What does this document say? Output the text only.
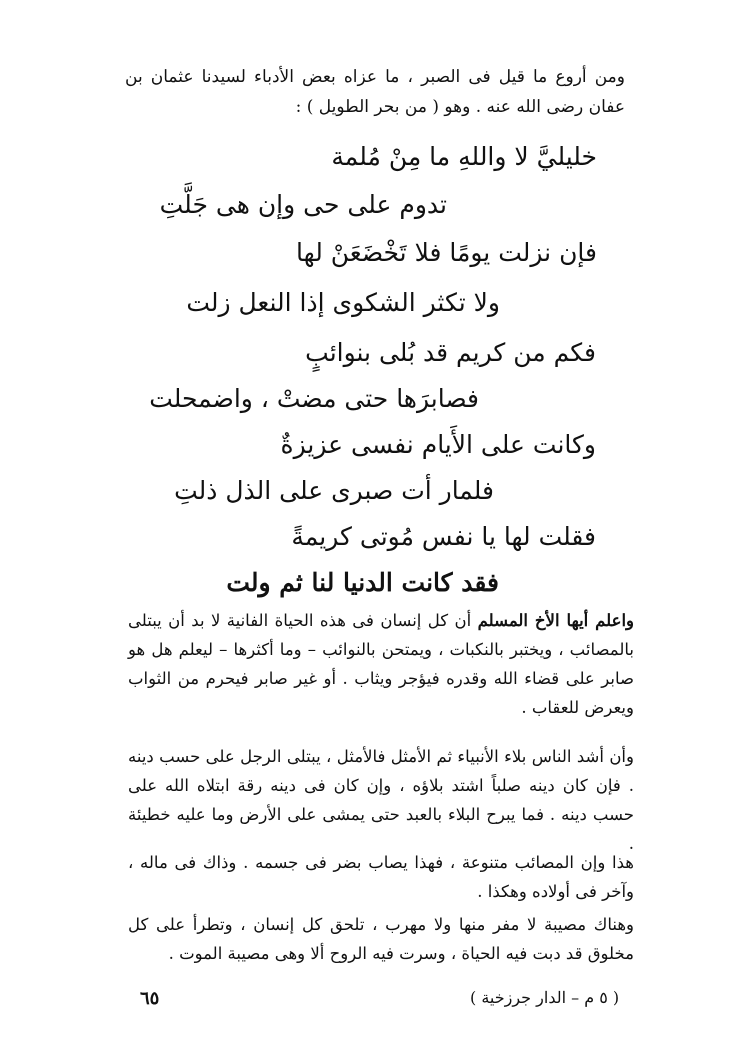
ومن أروع ما قيل فى الصبر ، ما عزاه بعض الأدباء لسيدنا عثمان بن عفان رضى الله عنه . وهو ( من بحر الطويل ) :
خليليَّ لا واللهِ ما مِنْ مُلمة
تدوم على حى وإن هى جَلَّتِ
فإن نزلت يومًا فلا تَخْضَعَنْ لها
ولا تكثر الشكوى إذا النعل زلت
فكم من كريم قد بُلى بنوائبٍ
فصابرَها حتى مضتْ ، واضمحلت
وكانت على الأَيام نفسى عزيزةٌ
فلمار أت صبرى على الذل ذلتِ
فقلت لها يا نفس مُوتى كريمةً
فقد كانت الدنيا لنا ثم ولت
واعلم أيها الأخ المسلم أن كل إنسان فى هذه الحياة الفانية لا بد أن يبتلى بالمصائب ، ويختبر بالنكبات ، ويمتحن بالنوائب – وما أكثرها – ليعلم هل هو صابر على قضاء الله وقدره فيؤجر ويثاب . أو غير صابر فيحرم من الثواب ويعرض للعقاب .
وأن أشد الناس بلاء الأنبياء ثم الأمثل فالأمثل ، يبتلى الرجل على حسب دينه . فإن كان دينه صلباً اشتد بلاؤه ، وإن كان فى دينه رقة ابتلاه الله على حسب دينه . فما يبرح البلاء بالعبد حتى يمشى على الأرض وما عليه خطيئة .
هذا وإن المصائب متنوعة ، فهذا يصاب بضر فى جسمه . وذاك فى ماله ، وآخر فى أولاده وهكذا .
وهناك مصيبة لا مفر منها ولا مهرب ، تلحق كل إنسان ، وتطرأ على كل مخلوق قد دبت فيه الحياة ، وسرت فيه الروح ألا وهى مصيبة الموت .
٦٥	( ٥ م – الدار جرزخية )
